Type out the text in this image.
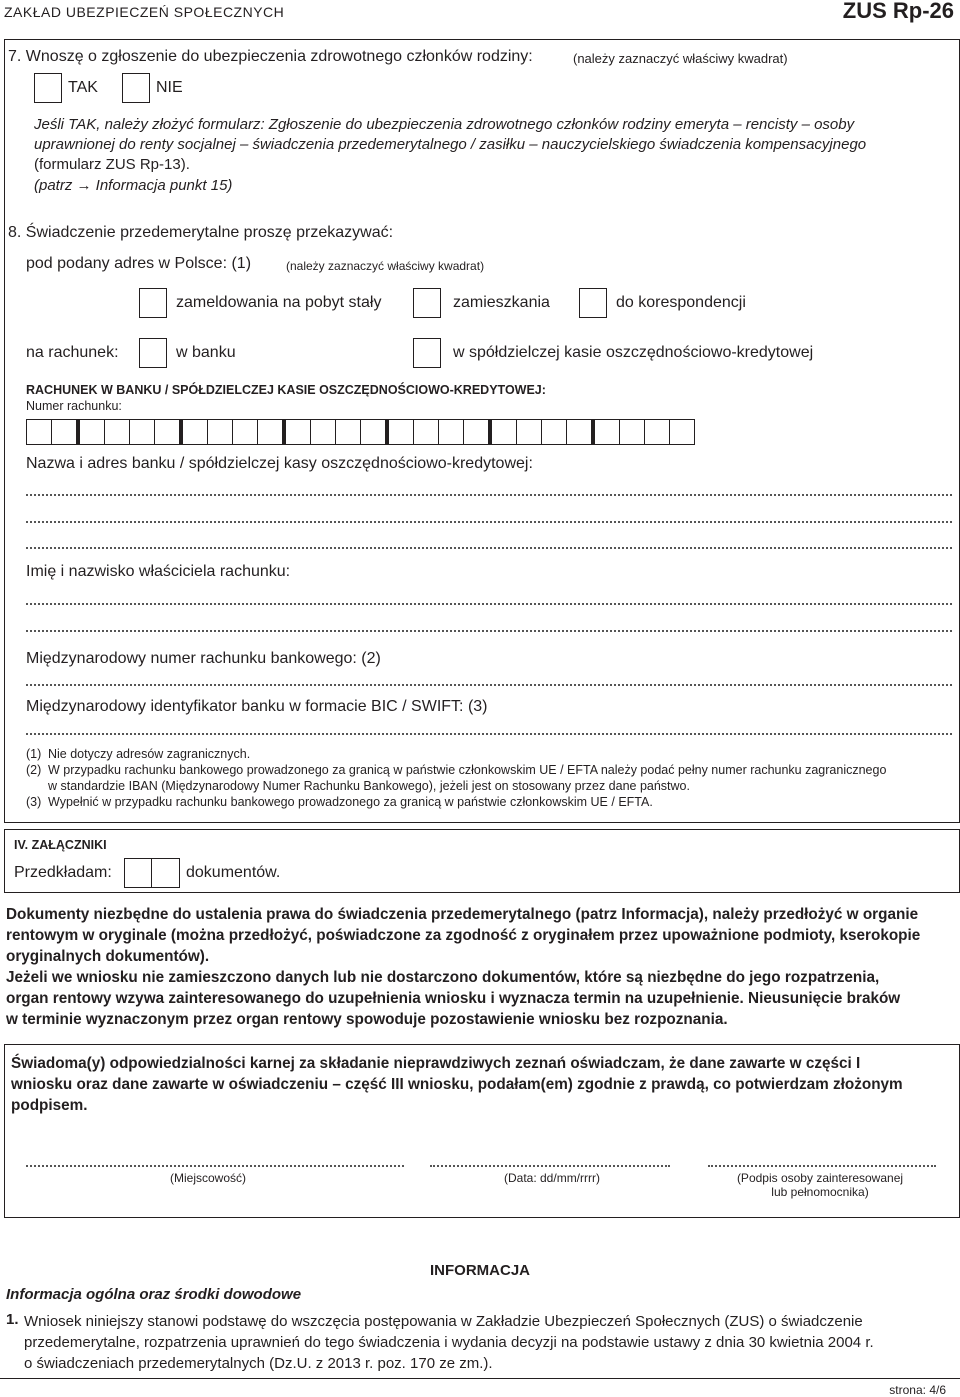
ZAKŁAD UBEZPIECZEŃ SPOŁECZNYCH	ZUS Rp-26
7. Wnoszę o zgłoszenie do ubezpieczenia zdrowotnego członków rodziny:	(należy zaznaczyć właściwy kwadrat)
TAK	NIE
Jeśli TAK, należy złożyć formularz: Zgłoszenie do ubezpieczenia zdrowotnego członków rodziny emeryta – rencisty – osoby
uprawnionej do renty socjalnej – świadczenia przedemerytalnego / zasiłku – nauczycielskiego świadczenia kompensacyjnego
(formularz ZUS Rp-13).
(patrz → Informacja punkt 15)
8. Świadczenie przedemerytalne proszę przekazywać:
pod podany adres w Polsce: (1)	(należy zaznaczyć właściwy kwadrat)
zameldowania na pobyt stały	zamieszkania	do korespondencji
na rachunek:	w banku	w spółdzielczej kasie oszczędnościowo-kredytowej
RACHUNEK W BANKU / SPÓŁDZIELCZEJ KASIE OSZCZĘDNOŚCIOWO-KREDYTOWEJ:
Numer rachunku:
Nazwa i adres banku / spółdzielczej kasy oszczędnościowo-kredytowej:
Imię i nazwisko właściciela rachunku:
Międzynarodowy numer rachunku bankowego: (2)
Międzynarodowy identyfikator banku w formacie BIC / SWIFT: (3)
(1) Nie dotyczy adresów zagranicznych.
(2) W przypadku rachunku bankowego prowadzonego za granicą w państwie członkowskim UE / EFTA należy podać pełny numer rachunku zagranicznego
w standardzie IBAN (Międzynarodowy Numer Rachunku Bankowego), jeżeli jest on stosowany przez dane państwo.
(3) Wypełnić w przypadku rachunku bankowego prowadzonego za granicą w państwie członkowskim UE / EFTA.
IV. ZAŁĄCZNIKI
Przedkładam:	dokumentów.
Dokumenty niezbędne do ustalenia prawa do świadczenia przedemerytalnego (patrz Informacja), należy przedłożyć w organie
rentowym w oryginale (można przedłożyć, poświadczone za zgodność z oryginałem przez upoważnione podmioty, kserokopie
oryginalnych dokumentów).
Jeżeli we wniosku nie zamieszczono danych lub nie dostarczono dokumentów, które są niezbędne do jego rozpatrzenia,
organ rentowy wzywa zainteresowanego do uzupełnienia wniosku i wyznacza termin na uzupełnienie. Nieusunięcie braków
w terminie wyznaczonym przez organ rentowy spowoduje pozostawienie wniosku bez rozpoznania.
Świadoma(y) odpowiedzialności karnej za składanie nieprawdziwych zeznań oświadczam, że dane zawarte w części I
wniosku oraz dane zawarte w oświadczeniu – część III wniosku, podałam(em) zgodnie z prawdą, co potwierdzam złożonym
podpisem.
(Miejscowość)	(Data: dd/mm/rrrr)	(Podpis osoby zainteresowanej
lub pełnomocnika)
INFORMACJA
Informacja ogólna oraz środki dowodowe
1. Wniosek niniejszy stanowi podstawę do wszczęcia postępowania w Zakładzie Ubezpieczeń Społecznych (ZUS) o świadczenie
przedemerytalne, rozpatrzenia uprawnień do tego świadczenia i wydania decyzji na podstawie ustawy z dnia 30 kwietnia 2004 r.
o świadczeniach przedemerytalnych (Dz.U. z 2013 r. poz. 170 ze zm.).
strona: 4/6
